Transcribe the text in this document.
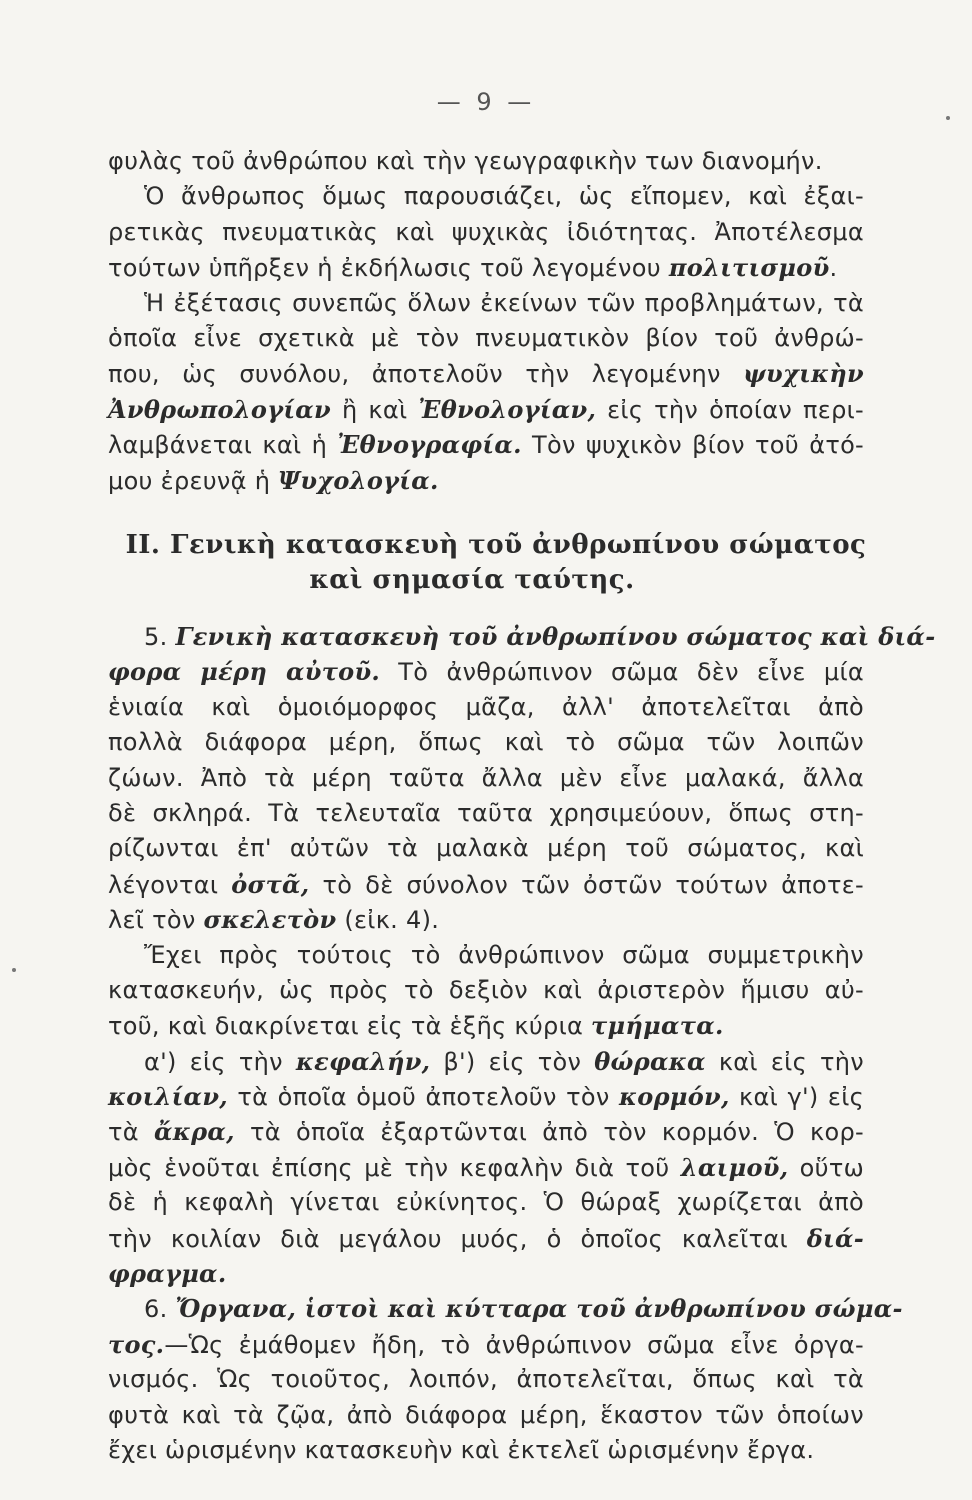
— 9 —
φυλὰς τοῦ ἀνθρώπου καὶ τὴν γεωγραφικὴν των διανομήν.
Ὁ ἄνθρωπος ὅμως παρουσιάζει, ὡς εἴπομεν, καὶ ἐξαι-
ρετικὰς πνευματικὰς καὶ ψυχικὰς ἰδιότητας. Ἀποτέλεσμα
τούτων ὑπῆρξεν ἡ ἐκδήλωσις τοῦ λεγομένου πολιτισμοῦ.
Ἡ ἐξέτασις συνεπῶς ὅλων ἐκείνων τῶν προβλημάτων, τὰ
ὁποῖα εἶνε σχετικὰ μὲ τὸν πνευματικὸν βίον τοῦ ἀνθρώ-
που, ὡς συνόλου, ἀποτελοῦν τὴν λεγομένην ψυχικὴν
Ἀνθρωπολογίαν ἢ καὶ Ἐθνολογίαν, εἰς τὴν ὁποίαν περι-
λαμβάνεται καὶ ἡ Ἐθνογραφία. Τὸν ψυχικὸν βίον τοῦ ἀτό-
μου ἐρευνᾷ ἡ Ψυχολογία.
ΙΙ. Γενικὴ κατασκευὴ τοῦ ἀνθρωπίνου σώματος
καὶ σημασία ταύτης.
5. Γενικὴ κατασκευὴ τοῦ ἀνθρωπίνου σώματος καὶ διά-
φορα μέρη αὐτοῦ. Τὸ ἀνθρώπινον σῶμα δὲν εἶνε μία
ἑνιαία καὶ ὁμοιόμορφος μᾶζα, ἀλλ' ἀποτελεῖται ἀπὸ
πολλὰ διάφορα μέρη, ὅπως καὶ τὸ σῶμα τῶν λοιπῶν
ζώων. Ἀπὸ τὰ μέρη ταῦτα ἄλλα μὲν εἶνε μαλακά, ἄλλα
δὲ σκληρά. Τὰ τελευταῖα ταῦτα χρησιμεύουν, ὅπως στη-
ρίζωνται ἐπ' αὐτῶν τὰ μαλακὰ μέρη τοῦ σώματος, καὶ
λέγονται ὀστᾶ, τὸ δὲ σύνολον τῶν ὀστῶν τούτων ἀποτε-
λεῖ τὸν σκελετὸν (εἰκ. 4).
Ἔχει πρὸς τούτοις τὸ ἀνθρώπινον σῶμα συμμετρικὴν
κατασκευήν, ὡς πρὸς τὸ δεξιὸν καὶ ἀριστερὸν ἥμισυ αὐ-
τοῦ, καὶ διακρίνεται εἰς τὰ ἑξῆς κύρια τμήματα.
α') εἰς τὴν κεφαλήν, β') εἰς τὸν θώρακα καὶ εἰς τὴν
κοιλίαν, τὰ ὁποῖα ὁμοῦ ἀποτελοῦν τὸν κορμόν, καὶ γ') εἰς
τὰ ἄκρα, τὰ ὁποῖα ἐξαρτῶνται ἀπὸ τὸν κορμόν. Ὁ κορ-
μὸς ἑνοῦται ἐπίσης μὲ τὴν κεφαλὴν διὰ τοῦ λαιμοῦ, οὕτω
δὲ ἡ κεφαλὴ γίνεται εὐκίνητος. Ὁ θώραξ χωρίζεται ἀπὸ
τὴν κοιλίαν διὰ μεγάλου μυός, ὁ ὁποῖος καλεῖται διά-
φραγμα.
6. Ὄργανα, ἱστοὶ καὶ κύτταρα τοῦ ἀνθρωπίνου σώμα-
τος.—Ὡς ἐμάθομεν ἤδη, τὸ ἀνθρώπινον σῶμα εἶνε ὀργα-
νισμός. Ὡς τοιοῦτος, λοιπόν, ἀποτελεῖται, ὅπως καὶ τὰ
φυτὰ καὶ τὰ ζῷα, ἀπὸ διάφορα μέρη, ἕκαστον τῶν ὁποίων
ἔχει ὡρισμένην κατασκευὴν καὶ ἐκτελεῖ ὡρισμένην ἔργα.
